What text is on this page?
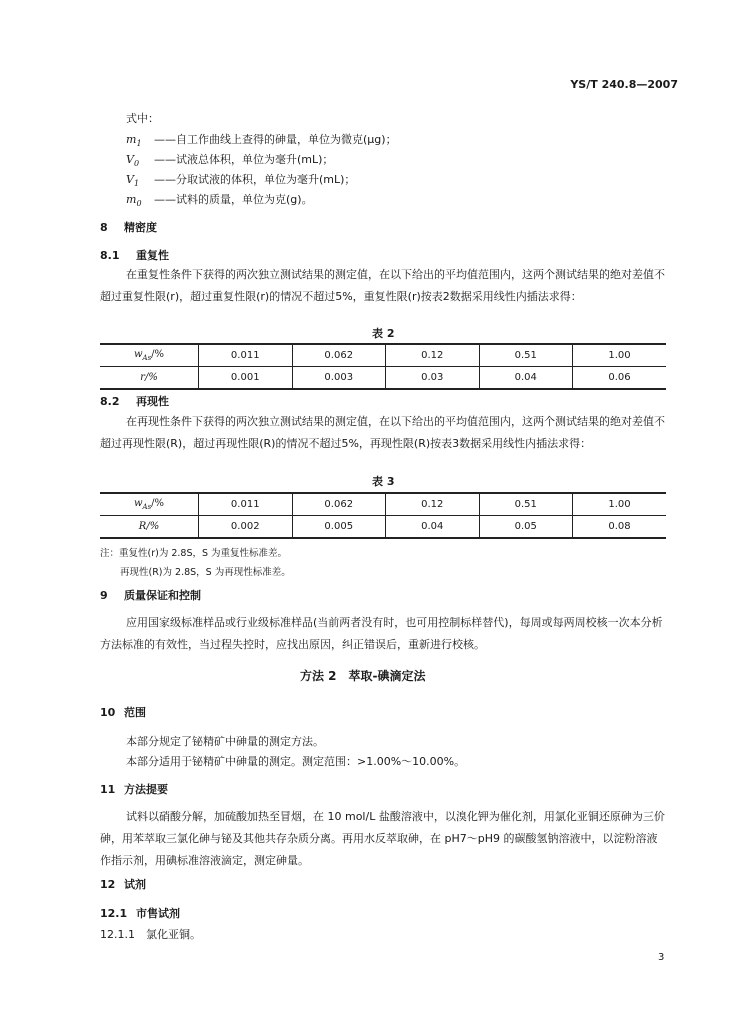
YS/T 240.8—2007
式中：
$m_1$ ——自工作曲线上查得的砷量，单位为微克(μg)；
$V_0$ ——试液总体积，单位为毫升(mL)；
$V_1$ ——分取试液的体积，单位为毫升(mL)；
$m_0$ ——试料的质量，单位为克(g)。
8 精密度
8.1 重复性
在重复性条件下获得的两次独立测试结果的测定值，在以下给出的平均值范围内，这两个测试结果的绝对差值不超过重复性限(r)，超过重复性限(r)的情况不超过5%，重复性限(r)按表2数据采用线性内插法求得：
表 2
$w_{As}/\%$	0.011	0.062	0.12	0.51	1.00
r/%	0.001	0.003	0.03	0.04	0.06
8.2 再现性
在再现性条件下获得的两次独立测试结果的测定值，在以下给出的平均值范围内，这两个测试结果的绝对差值不超过再现性限(R)，超过再现性限(R)的情况不超过5%，再现性限(R)按表3数据采用线性内插法求得：
表 3
$w_{As}/\%$	0.011	0.062	0.12	0.51	1.00
R/%	0.002	0.005	0.04	0.05	0.08
注：重复性(r)为 2.8S，S 为重复性标准差。
再现性(R)为 2.8S，S 为再现性标准差。
9 质量保证和控制
应用国家级标准样品或行业级标准样品(当前两者没有时，也可用控制标样替代)，每周或每两周校核一次本分析方法标准的有效性，当过程失控时，应找出原因，纠正错误后，重新进行校核。
方法 2　萃取-碘滴定法
10 范围
本部分规定了铋精矿中砷量的测定方法。
本部分适用于铋精矿中砷量的测定。测定范围：>1.00%～10.00%。
11 方法提要
试料以硝酸分解，加硫酸加热至冒烟，在 10 mol/L 盐酸溶液中，以溴化钾为催化剂，用氯化亚铜还原砷为三价砷，用苯萃取三氯化砷与铋及其他共存杂质分离。再用水反萃取砷，在 pH7～pH9 的碳酸氢钠溶液中，以淀粉溶液作指示剂，用碘标准溶液滴定，测定砷量。
12 试剂
12.1 市售试剂
12.1.1 氯化亚铜。
3
